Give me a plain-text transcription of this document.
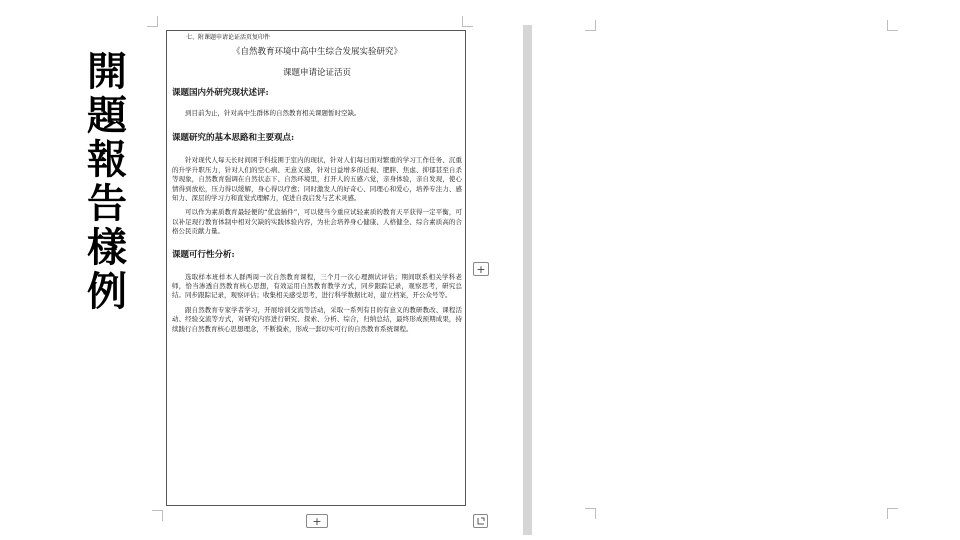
開
題
報
告
樣
例
七、附课题申请论证活页复印件
《自然教育环境中高中生综合发展实验研究》
课题申请论证活页
课题国内外研究现状述评:

到目前为止，针对高中生群体的自然教育相关课题暂时空缺。

课题研究的基本思路和主要观点:

针对现代人每天长时间困于科技围于室内的现状，针对人们每日面对繁重的学习工作任务、沉重的升学升职压力，针对人们的空心病、无意义感，针对日益增多的近视、肥胖、焦虑、抑郁甚至自杀等现象，自然教育强调在自然状态下、自然环境里，打开人的五感六觉，亲身体验，亲自发现，使心情得到放松，压力得以缓解，身心得以疗愈；同时激发人的好奇心、同理心和爱心，培养专注力、感知力、深层的学习力和直觉式理解力，促进自我启发与艺术灵感。

可以作为素质教育最轻便的“优盘插件”，可以使当今重应试轻素质的教育天平获得一定平衡，可以补足现行教育体制中相对欠缺的实践体验内容，为社会培养身心健康、人格健全、综合素质高的合格公民贡献力量。

课题可行性分析:

选取样本班样本人群两周一次自然教育课程，三个月一次心理测试评估；期间联系相关学科老师，恰当渗透自然教育核心思想，有效运用自然教育教学方式，同步跟踪记录，观察思考，研究总结。同步跟踪记录，观察评估；收集相关感受思考，进行科学数据比对，建立档案，开公众号等。

跟自然教育专家学者学习，开展培训交流等活动，采取一系列有目的有意义的教研教改、课程活动、经验交流等方式，对研究内容进行研究、探索、分析、综合，归纳总结，最终形成预期成果，持续践行自然教育核心思想理念，不断摸索，形成一套切实可行的自然教育系统课程。

+
+
